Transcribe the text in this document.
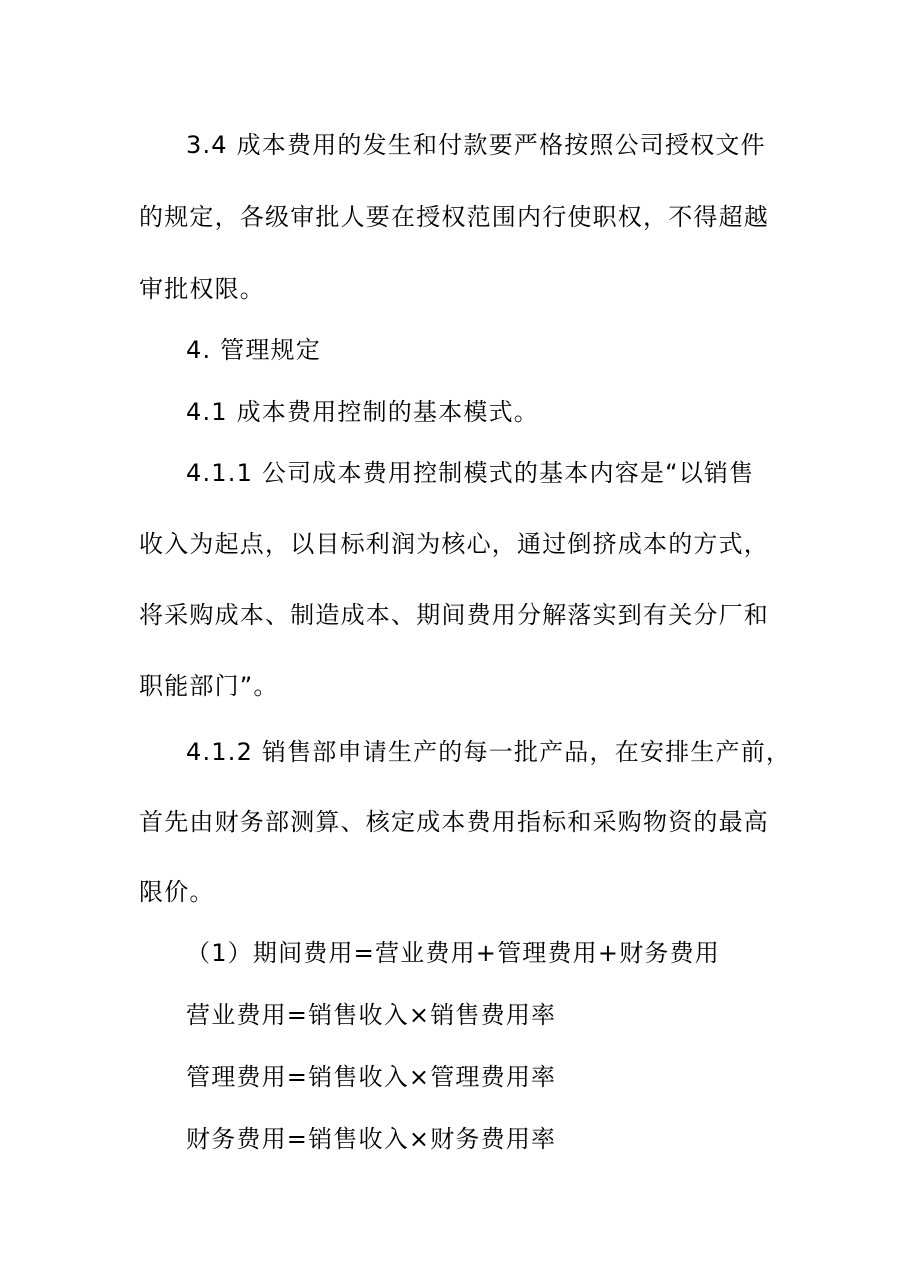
3.4 成本费用的发生和付款要严格按照公司授权文件
的规定，各级审批人要在授权范围内行使职权，不得超越
审批权限。
4. 管理规定
4.1 成本费用控制的基本模式。
4.1.1 公司成本费用控制模式的基本内容是“以销售
收入为起点，以目标利润为核心，通过倒挤成本的方式，
将采购成本、制造成本、期间费用分解落实到有关分厂和
职能部门”。
4.1.2 销售部申请生产的每一批产品，在安排生产前，
首先由财务部测算、核定成本费用指标和采购物资的最高
限价。
（1）期间费用=营业费用+管理费用+财务费用
营业费用=销售收入×销售费用率
管理费用=销售收入×管理费用率
财务费用=销售收入×财务费用率
